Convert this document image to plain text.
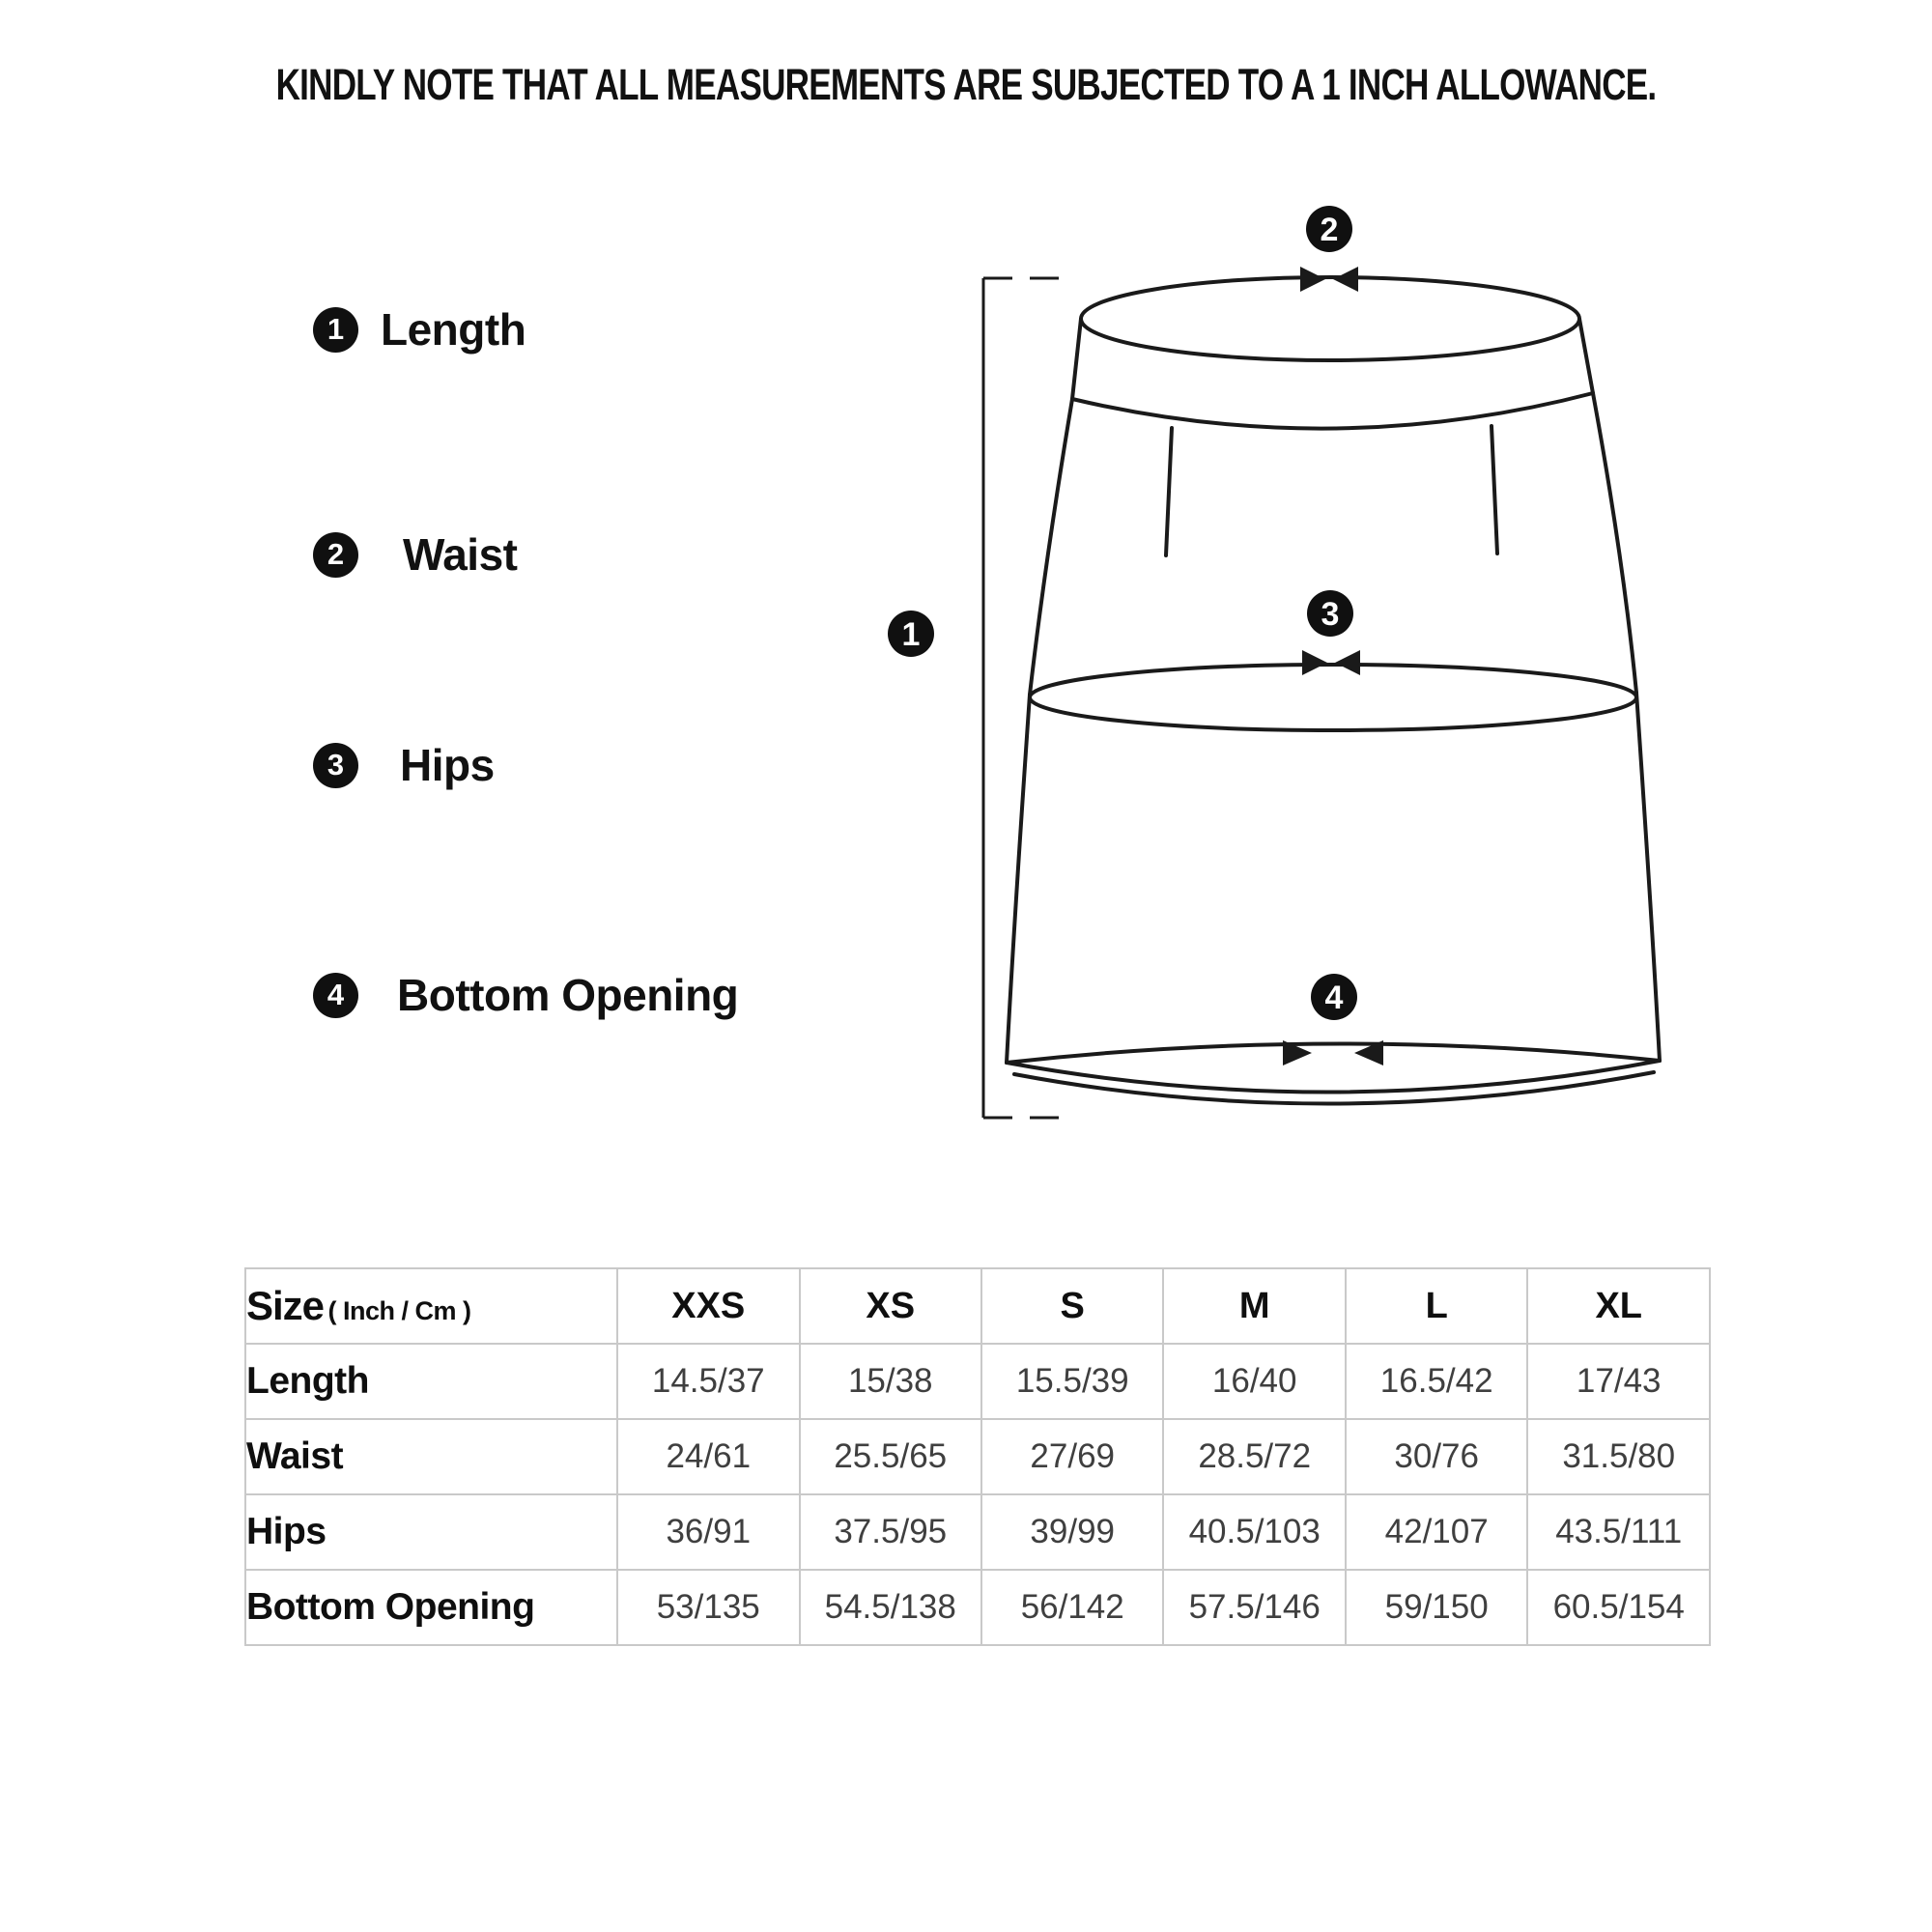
KINDLY NOTE THAT ALL MEASUREMENTS ARE SUBJECTED TO A 1 INCH ALLOWANCE.
1 Length
2	Waist
3	Hips
4	Bottom Opening
1
2
3
4
Size ( Inch / Cm )	XXS	XS	S	M	L	XL
Length	14.5/37	15/38	15.5/39	16/40	16.5/42	17/43
Waist	24/61	25.5/65	27/69	28.5/72	30/76	31.5/80
Hips	36/91	37.5/95	39/99	40.5/103	42/107	43.5/111
Bottom Opening	53/135	54.5/138	56/142	57.5/146	59/150	60.5/154
